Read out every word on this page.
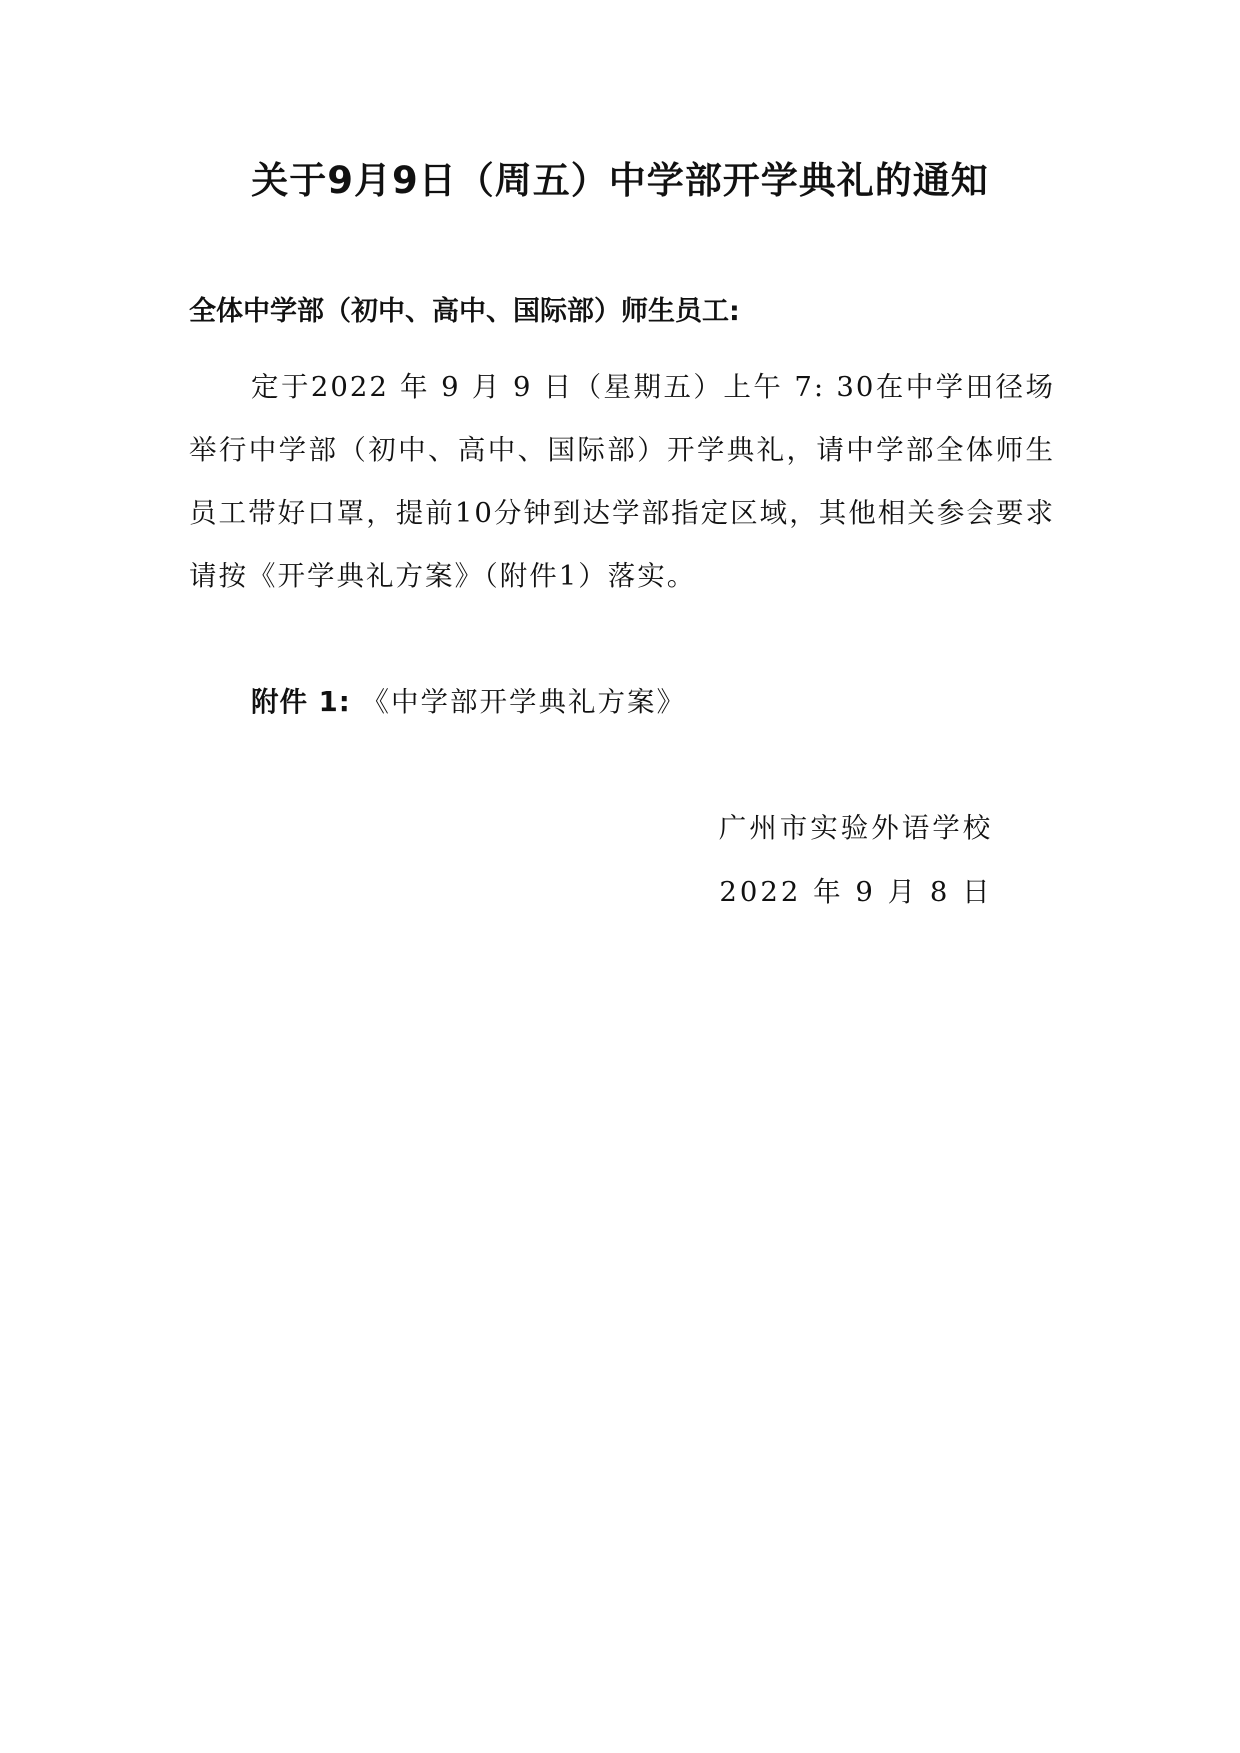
关于9月9日（周五）中学部开学典礼的通知

全体中学部（初中、高中、国际部）师生员工:

定于2022 年 9 月 9 日（星期五）上午 7: 30在中学田径场举行中学部（初中、高中、国际部）开学典礼，请中学部全体师生员工带好口罩，提前10分钟到达学部指定区域，其他相关参会要求请按《开学典礼方案》（附件1）落实。

附件 1: 《中学部开学典礼方案》

广州市实验外语学校

2022 年 9 月 8 日
